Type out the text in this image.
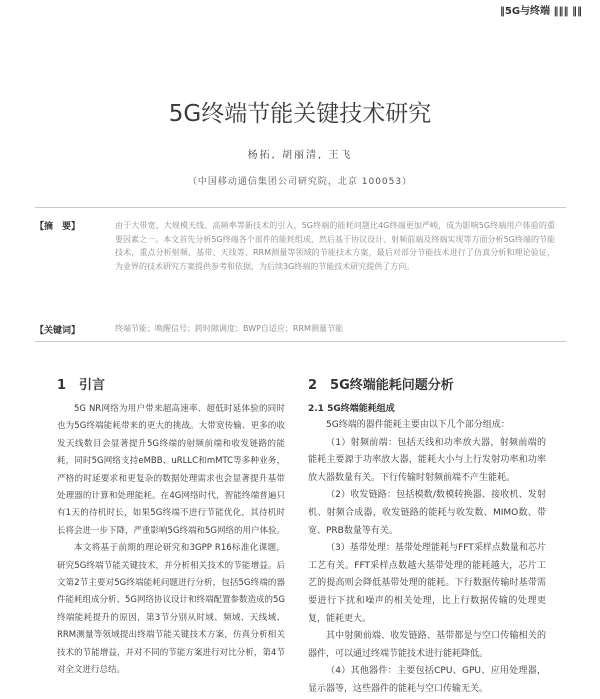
‖5G与终端 ‖‖‖ ‖‖
5G终端节能关键技术研究
杨拓, 胡丽清, 王飞
（中国移动通信集团公司研究院，北京 100053）
【摘　要】	由于大带宽、大规模天线、高频率等新技术的引入，5G终端的能耗问题比4G终端更加严峻，成为影响5G终端用户体验的重要因素之一。本文首先分析5G终端各个部件的能耗组成，然后基于协议设计、射频前端及终端实现等方面分析5G终端的节能技术，重点分析射频、基带、天线等、RRM测量等领域的节能技术方案，最后对部分节能技术进行了仿真分析和理论验证，为业界的技术研究方案提供参考和依据，为后续3G终端的节能技术研究提供了方向。
【关键词】	终端节能；唤醒信号；跨时隙调度；BWP自适应；RRM测量节能
1　引言

5G NR网络为用户带来超高速率、超低时延体验的同时也为5G终端能耗带来的更大的挑战。大带宽传输、更多的收发天线数目会显著提升5G终端的射频前端和收发链路的能耗，同时5G网络支持eMBB、uRLLC和mMTC等多种业务，严格的时延要求和更复杂的数据处理需求也会显著提升基带处理器的计算和处理能耗。在4G网络时代，智能终端普遍只有1天的待机时长，如果5G终端不进行节能优化，其待机时长将会进一步下降，严重影响5G终端和5G网络的用户体验。

本文将基于前期的理论研究和3GPP R16标准化课题，研究5G终端节能关键技术，并分析相关技术的节能增益。后文第2节主要对5G终端能耗问题进行分析，包括5G终端的器件能耗组成分析、5G网络协议设计和终端配置参数造成的5G终端能耗提升的原因，第3节分别从时域、频域、天线域、RRM测量等领域提出终端节能关键技术方案，仿真分析相关技术的节能增益，并对不同的节能方案进行对比分析，第4节对全文进行总结。

2　5G终端能耗问题分析
2.1 5G终端能耗组成

5G终端的器件能耗主要由以下几个部分组成：

（1）射频前端：包括天线和功率放大器，射频前端的能耗主要源于功率放大器，能耗大小与上行发射功率和功率放大器数量有关。下行传输时射频前端不产生能耗。

（2）收发链路：包括模数/数模转换器、接收机、发射机、射频合成器，收发链路的能耗与收发数、MIMO数、带宽、PRB数量等有关。

（3）基带处理：基带处理能耗与FFT采样点数量和芯片工艺有关。FFT采样点数越大基带处理的能耗越大，芯片工艺的提高则会降低基带处理的能耗。下行数据传输时基带需要进行下扰和噪声的相关处理，比上行数据传输的处理更复，能耗更大。

其中射频前端、收发链路、基带都是与空口传输相关的器件，可以通过终端节能技术进行能耗降低。

（4）其他器件：主要包括CPU、GPU、应用处理器，显示器等，这些器件的能耗与空口传输无关。
